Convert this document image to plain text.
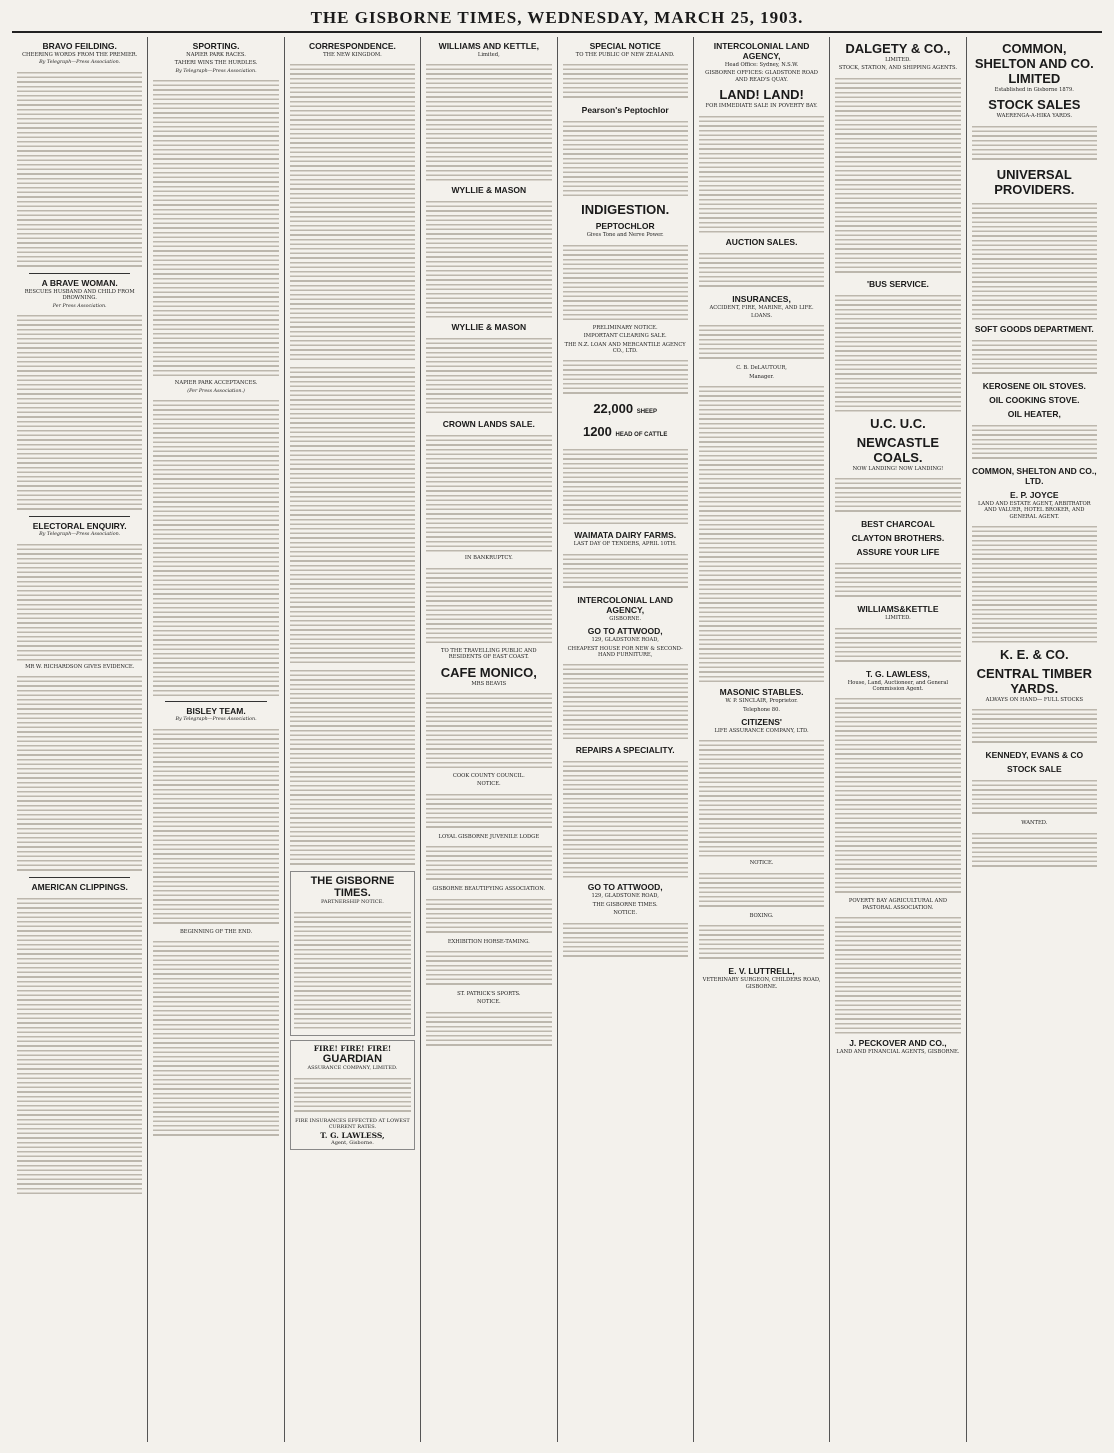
THE GISBORNE TIMES, WEDNESDAY, MARCH 25, 1903.
BRAVO FEILDING.
CHEERING WORDS FROM THE PREMIER.
By Telegraph—Press Association.
A BRAVE WOMAN.
RESCUES HUSBAND AND CHILD FROM DROWNING.
Per Press Association.
ELECTORAL ENQUIRY.
By Telegraph—Press Association.
MR W. RICHARDSON GIVES EVIDENCE.
AMERICAN CLIPPINGS.
SPORTING.
NAPIER PARK RACES.
TAHERI WINS THE HURDLES.
By Telegraph—Press Association.
NAPIER PARK ACCEPTANCES.
(Per Press Association.)
BISLEY TEAM.
By Telegraph—Press Association.
BEGINNING OF THE END.
CORRESPONDENCE.
THE NEW KINGDOM.
THE GISBORNE TIMES.
PARTNERSHIP NOTICE.
FIRE! FIRE! FIRE!
GUARDIAN
ASSURANCE COMPANY, LIMITED.
FIRE INSURANCES EFFECTED AT LOWEST CURRENT RATES.
T. G. LAWLESS,
Agent, Gisborne.
WILLIAMS AND KETTLE,
Limited,
WYLLIE & MASON
WYLLIE & MASON
CROWN LANDS SALE.
IN BANKRUPTCY.
TO THE TRAVELLING PUBLIC AND RESIDENTS OF EAST COAST.
CAFE MONICO,
MRS BEAVIS
COOK COUNTY COUNCIL.
NOTICE.
LOYAL GISBORNE JUVENILE LODGE
GISBORNE BEAUTIFYING ASSOCIATION.
EXHIBITION HORSE-TAMING.
ST. PATRICK'S SPORTS.
NOTICE.
SPECIAL NOTICE
TO THE PUBLIC OF NEW ZEALAND.
Pearson's Peptochlor
INDIGESTION.
PEPTOCHLOR
Gives Tone and Nerve Power.
PRELIMINARY NOTICE.
IMPORTANT CLEARING SALE.
THE N.Z. LOAN AND MERCANTILE AGENCY CO., LTD.
22,000 SHEEP
1200 HEAD OF CATTLE
WAIMATA DAIRY FARMS.
LAST DAY OF TENDERS, APRIL 10TH.
INTERCOLONIAL LAND AGENCY,
GISBORNE.
GO TO ATTWOOD,
129, GLADSTONE ROAD,
CHEAPEST HOUSE FOR NEW & SECOND-HAND FURNITURE,
REPAIRS A SPECIALITY.
GO TO ATTWOOD,
129, GLADSTONE ROAD,
THE GISBORNE TIMES.
NOTICE.
INTERCOLONIAL LAND AGENCY,
Head Office: Sydney, N.S.W.
GISBORNE OFFICES: GLADSTONE ROAD AND READ'S QUAY.
LAND! LAND!
FOR IMMEDIATE SALE IN POVERTY BAY.
AUCTION SALES.
INSURANCES,
ACCIDENT, FIRE, MARINE, AND LIFE.
LOANS.
C. B. DeLAUTOUR,
Manager.
MASONIC STABLES.
W. P. SINCLAIR, Proprietor.
Telephone 80.
CITIZENS'
LIFE ASSURANCE COMPANY, LTD.
NOTICE.
BOXING.
E. V. LUTTRELL,
VETERINARY SURGEON, CHILDERS ROAD, GISBORNE.
DALGETY & CO.,
LIMITED.
STOCK, STATION, AND SHIPPING AGENTS.
'BUS SERVICE.
U.C. U.C.
NEWCASTLE COALS.
NOW LANDING! NOW LANDING!
BEST CHARCOAL
CLAYTON BROTHERS.
ASSURE YOUR LIFE
WILLIAMS&KETTLE
LIMITED.
T. G. LAWLESS,
House, Land, Auctioneer, and General Commission Agent.
POVERTY BAY AGRICULTURAL AND PASTORAL ASSOCIATION.
J. PECKOVER AND CO.,
LAND AND FINANCIAL AGENTS, GISBORNE.
COMMON, SHELTON AND CO. LIMITED
Established in Gisborne 1879.
STOCK SALES
WAERENGA-A-HIKA YARDS.
UNIVERSAL PROVIDERS.
SOFT GOODS DEPARTMENT.
KEROSENE OIL STOVES.
OIL COOKING STOVE.
OIL HEATER,
COMMON, SHELTON AND CO., LTD.
E. P. JOYCE
LAND AND ESTATE AGENT, ARBITRATOR AND VALUER, HOTEL BROKER, AND GENERAL AGENT.
K. E. & CO.
CENTRAL TIMBER YARDS.
ALWAYS ON HAND— FULL STOCKS
KENNEDY, EVANS & CO
STOCK SALE
WANTED.
